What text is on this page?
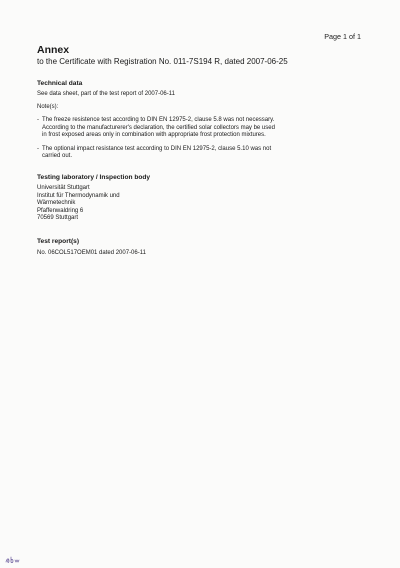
Page 1 of 1
Annex
to the Certificate with Registration No. 011-7S194 R, dated 2007-06-25
Technical data
See data sheet, part of the test report of 2007-06-11
Note(s):
- The freeze resistence test according to DIN EN 12975-2, clause 5.8 was not necessary.
According to the manufacturerer's declaration, the certified solar collectors may be used
in frost exposed areas only in combination with appropriate frost protection mixtures.
- The optional impact resistance test according to DIN EN 12975-2, clause 5.10 was not
carried out.
Testing laboratory / Inspection body
Universität Stuttgart
Institut für Thermodynamik und
Wärmetechnik
Pfaffenwaldring 6
70569 Stuttgart
Test report(s)
No. 06COL517OEM01 dated 2007-06-11
